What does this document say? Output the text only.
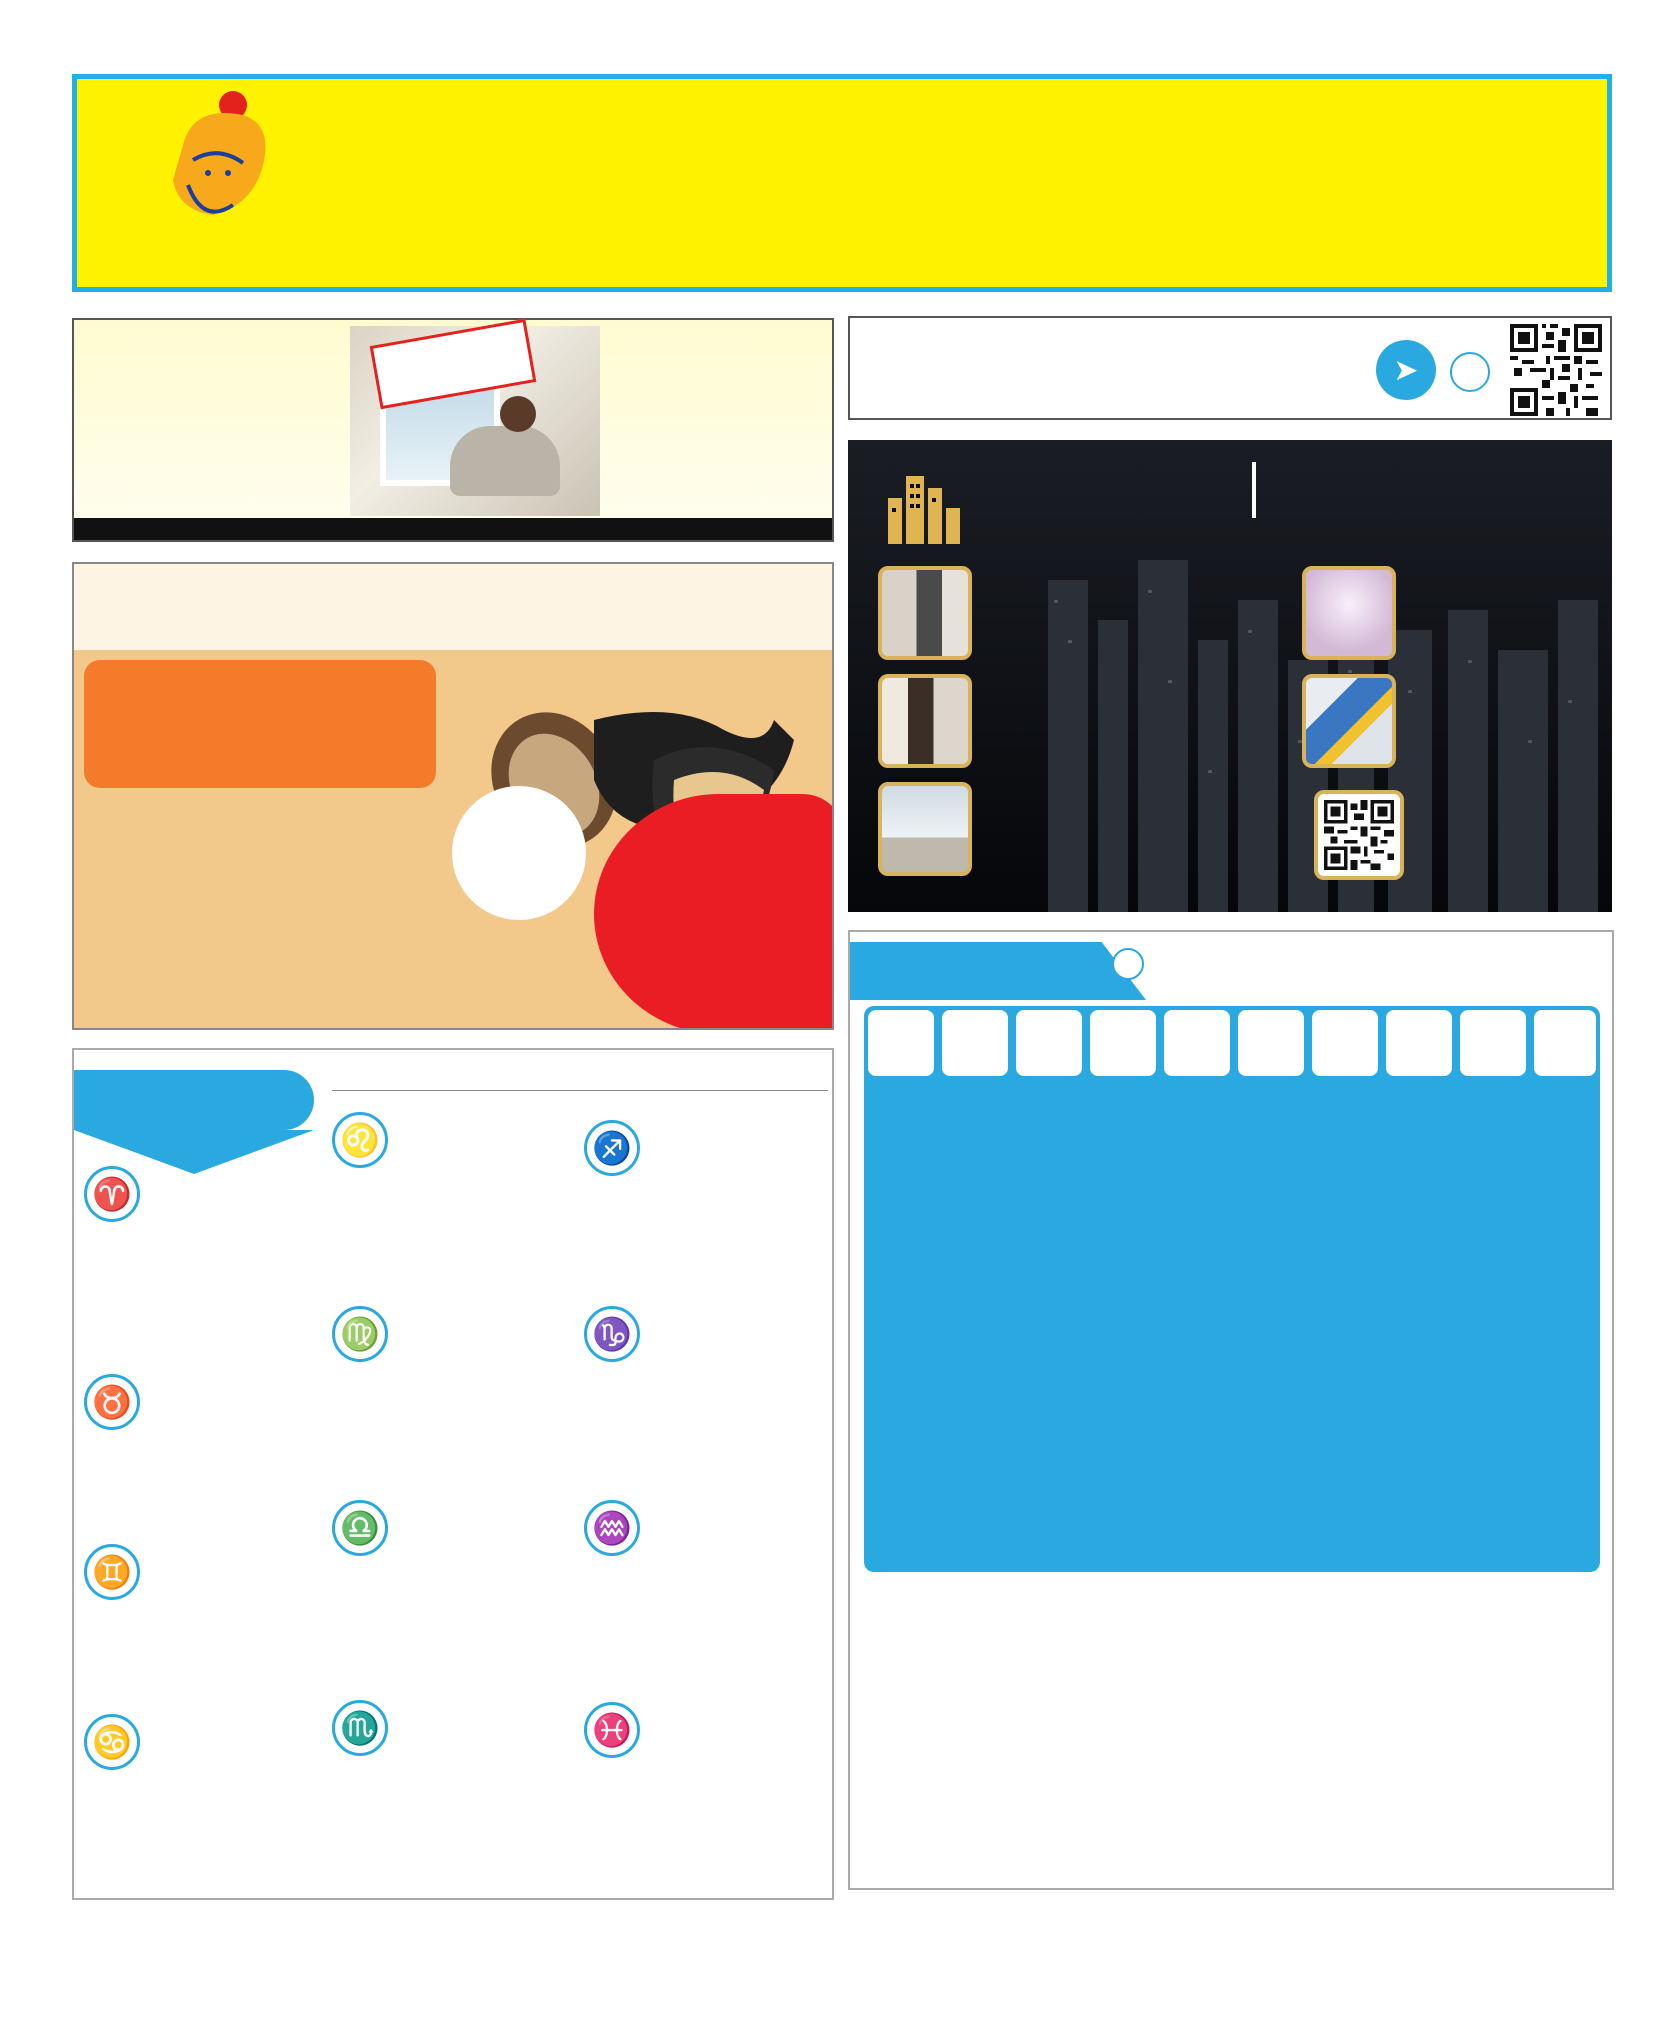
♈
♉
♊
♋
♌
♍
♎
♏
♐
♑
♒
♓
➤
